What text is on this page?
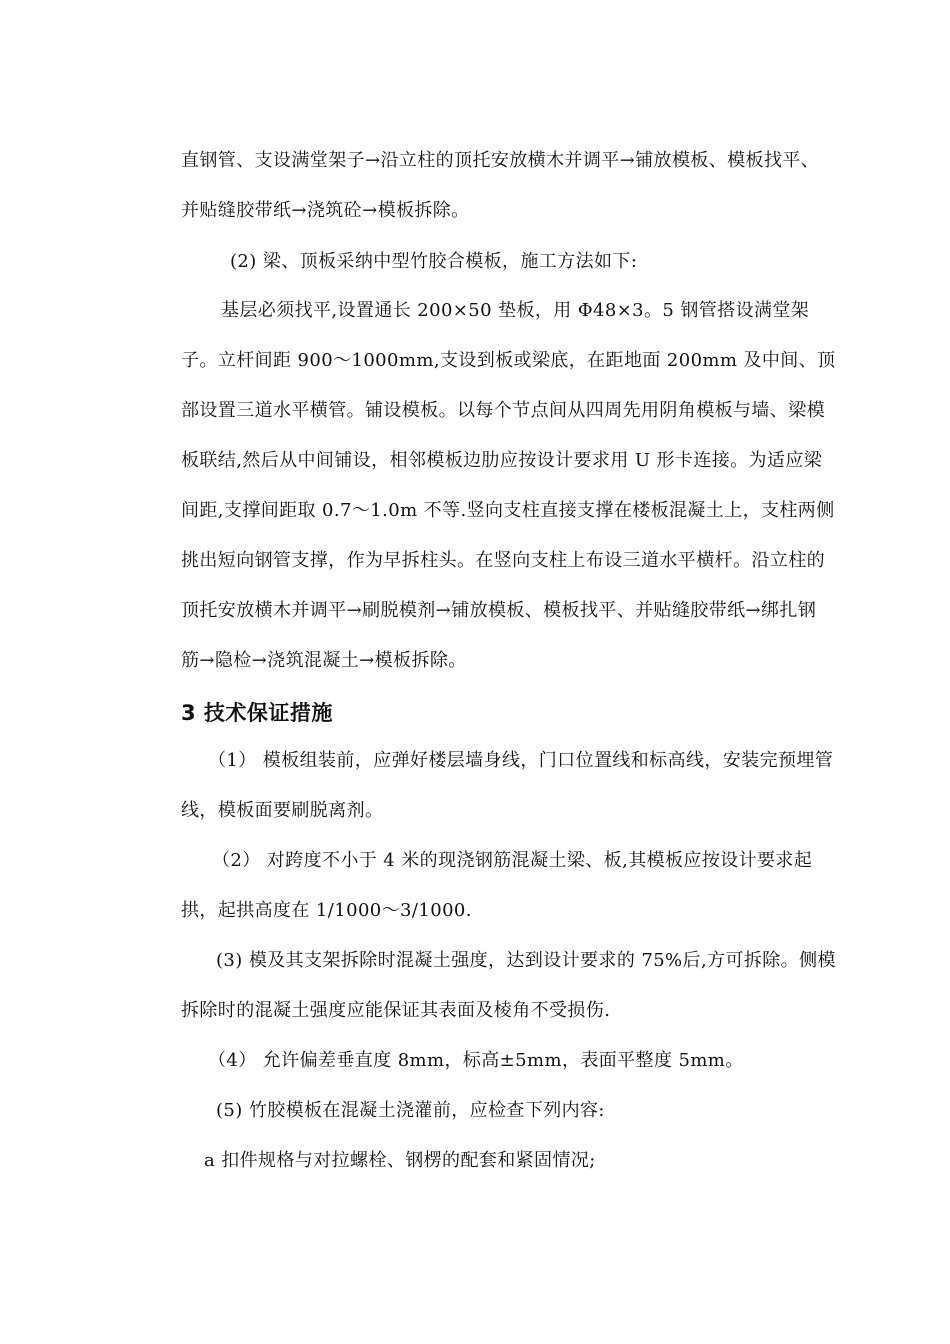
直钢管、支设满堂架子→沿立柱的顶托安放横木并调平→铺放模板、模板找平、
并贴缝胶带纸→浇筑砼→模板拆除。
(2) 梁、顶板采纳中型竹胶合模板，施工方法如下:
基层必须找平,设置通长 200×50 垫板，用 Φ48×3。5 钢管搭设满堂架
子。立杆间距 900～1000mm,支设到板或梁底，在距地面 200mm 及中间、顶
部设置三道水平横管。铺设模板。以每个节点间从四周先用阴角模板与墙、梁模
板联结,然后从中间铺设，相邻模板边肋应按设计要求用 U 形卡连接。为适应梁
间距,支撑间距取 0.7～1.0m 不等.竖向支柱直接支撑在楼板混凝土上，支柱两侧
挑出短向钢管支撑，作为早拆柱头。在竖向支柱上布设三道水平横杆。沿立柱的
顶托安放横木并调平→刷脱模剂→铺放模板、模板找平、并贴缝胶带纸→绑扎钢
筋→隐检→浇筑混凝土→模板拆除。
3 技术保证措施
（1） 模板组装前，应弹好楼层墙身线，门口位置线和标高线，安装完预埋管
线，模板面要刷脱离剂。
（2） 对跨度不小于 4 米的现浇钢筋混凝土梁、板,其模板应按设计要求起
拱，起拱高度在 1/1000～3/1000.
(3) 模及其支架拆除时混凝土强度，达到设计要求的 75%后,方可拆除。侧模
拆除时的混凝土强度应能保证其表面及棱角不受损伤.
（4） 允许偏差垂直度 8mm，标高±5mm，表面平整度 5mm。
(5) 竹胶模板在混凝土浇灌前，应检查下列内容:
a 扣件规格与对拉螺栓、钢楞的配套和紧固情况;
